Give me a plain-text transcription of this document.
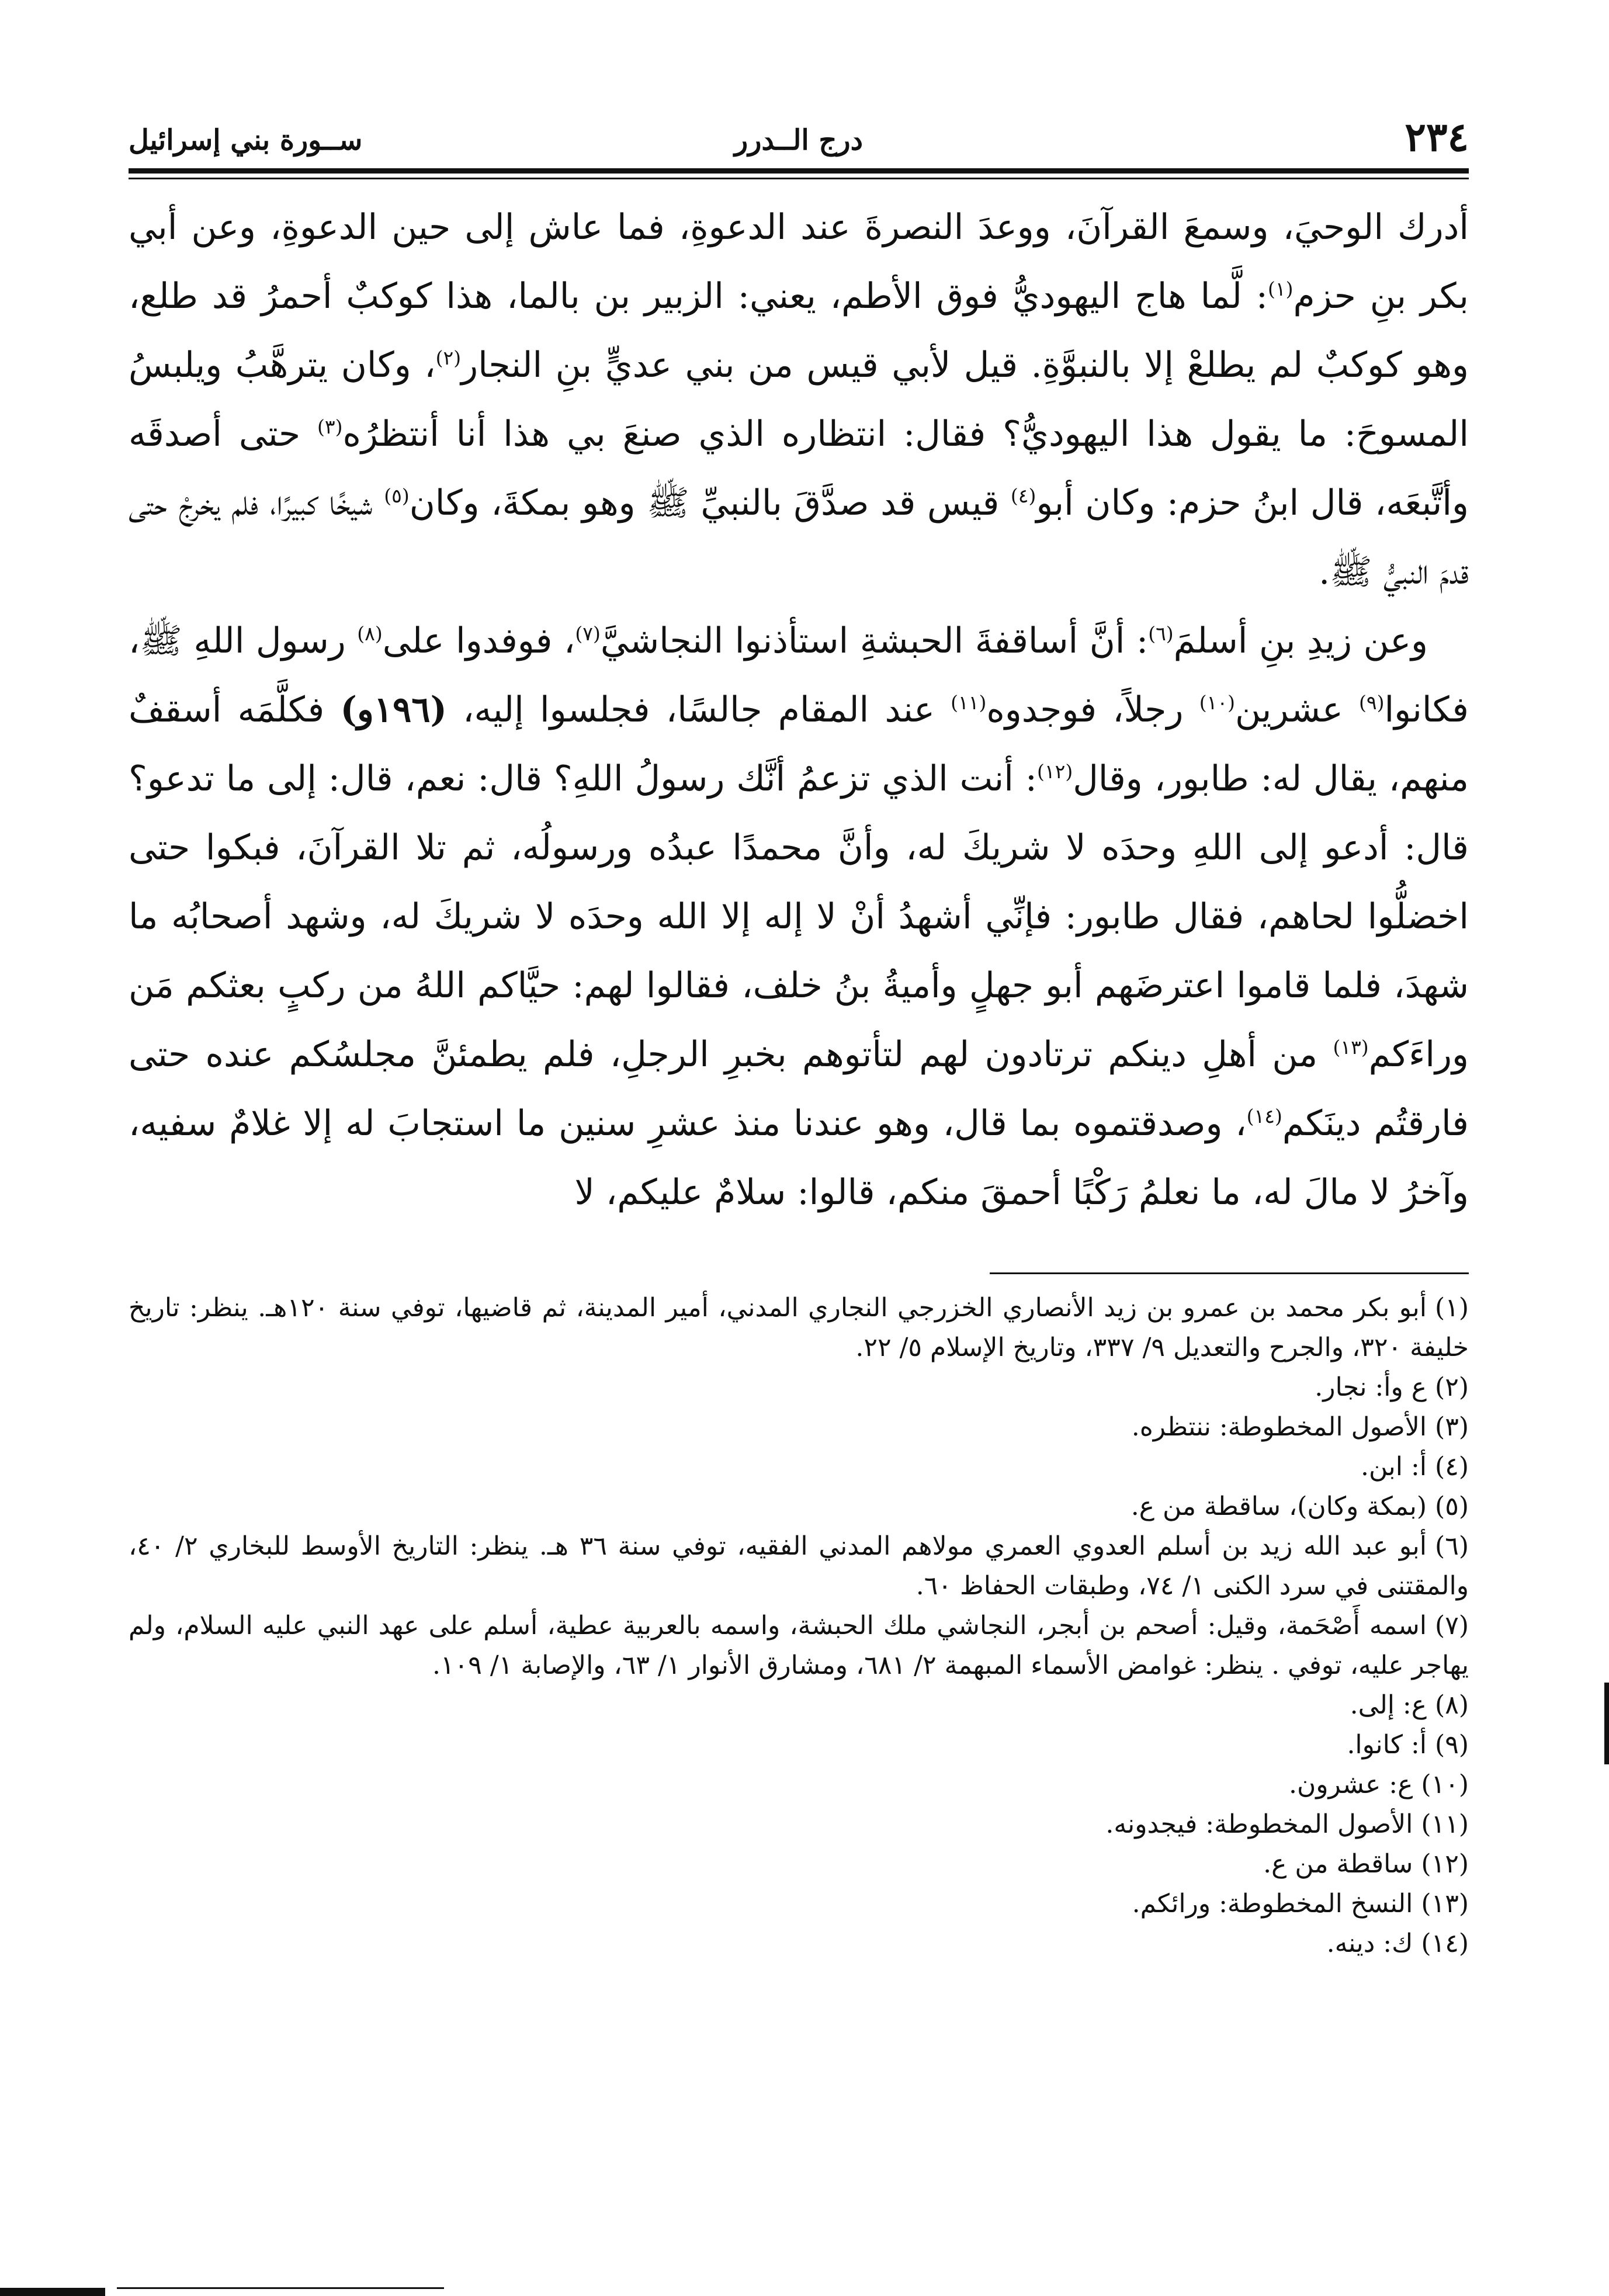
٢٣٤
درج الــدرر
ســورة بني إسرائيل

أدرك الوحيَ، وسمعَ القرآنَ، ووعدَ النصرةَ عند الدعوةِ، فما عاش إلى حين الدعوةِ، وعن أبي بكر بنِ حزم$^{(١)}$: لَّما هاج اليهوديُّ فوق الأطم، يعني: الزبير بن بالما، هذا كوكبٌ أحمرُ قد طلع، وهو كوكبٌ لم يطلعْ إلا بالنبوَّةِ. قيل لأبي قيس من بني عديٍّ بنِ النجار$^{(٢)}$، وكان يترهَّبُ ويلبسُ المسوحَ: ما يقول هذا اليهوديُّ؟ فقال: انتظاره الذي صنعَ بي هذا أنا أنتظرُه$^{(٣)}$ حتى أصدقَه وأتَّبعَه، قال ابنُ حزم: وكان أبو$^{(٤)}$ قيس قد صدَّقَ بالنبيِّ ﷺ وهو بمكةَ، وكان$^{(٥)}$ شيخًا كبيرًا، فلم يخرجْ حتى قدمَ النبيُّ ﷺ.

وعن زيدِ بنِ أسلمَ$^{(٦)}$: أنَّ أساقفةَ الحبشةِ استأذنوا النجاشيَّ$^{(٧)}$، فوفدوا على$^{(٨)}$ رسول اللهِ ﷺ، فكانوا$^{(٩)}$ عشرين$^{(١٠)}$ رجلاً، فوجدوه$^{(١١)}$ عند المقام جالسًا، فجلسوا إليه، (١٩٦و) فكلَّمَه أسقفٌ منهم، يقال له: طابور، وقال$^{(١٢)}$: أنت الذي تزعمُ أنَّك رسولُ اللهِ؟ قال: نعم، قال: إلى ما تدعو؟ قال: أدعو إلى اللهِ وحدَه لا شريكَ له، وأنَّ محمدًا عبدُه ورسولُه، ثم تلا القرآنَ، فبكوا حتى اخضلُّوا لحاهم، فقال طابور: فإنِّي أشهدُ أنْ لا إله إلا الله وحدَه لا شريكَ له، وشهد أصحابُه ما شهدَ، فلما قاموا اعترضَهم أبو جهلٍ وأميةُ بنُ خلف، فقالوا لهم: حيَّاكم اللهُ من ركبٍ بعثكم مَن وراءَكم$^{(١٣)}$ من أهلِ دينكم ترتادون لهم لتأتوهم بخبرِ الرجلِ، فلم يطمئنَّ مجلسُكم عنده حتى فارقتُم دينَكم$^{(١٤)}$، وصدقتموه بما قال، وهو عندنا منذ عشرِ سنين ما استجابَ له إلا غلامٌ سفيه، وآخرُ لا مالَ له، ما نعلمُ رَكْبًا أحمقَ منكم، قالوا: سلامٌ عليكم، لا

(١)أبو بكر محمد بن عمرو بن زيد الأنصاري الخزرجي النجاري المدني، أمير المدينة، ثم قاضيها، توفي سنة ١٢٠هـ. ينظر: تاريخ خليفة ٣٢٠، والجرح والتعديل ٩/ ٣٣٧، وتاريخ الإسلام ٥/ ٢٢.

(٢)ع وأ: نجار.

(٣)الأصول المخطوطة: ننتظره.

(٤)أ: ابن.

(٥)(بمكة وكان)، ساقطة من ع.

(٦)أبو عبد الله زيد بن أسلم العدوي العمري مولاهم المدني الفقيه، توفي سنة ٣٦ هـ. ينظر: التاريخ الأوسط للبخاري ٢/ ٤٠، والمقتنى في سرد الكنى ١/ ٧٤، وطبقات الحفاظ ٦٠.

(٧)اسمه أَصْحَمة، وقيل: أصحم بن أبجر، النجاشي ملك الحبشة، واسمه بالعربية عطية، أسلم على عهد النبي عليه السلام، ولم يهاجر عليه، توفي . ينظر: غوامض الأسماء المبهمة ٢/ ٦٨١، ومشارق الأنوار ١/ ٦٣، والإصابة ١/ ١٠٩.

(٨)ع: إلى.

(٩)أ: كانوا.

(١٠)ع: عشرون.

(١١)الأصول المخطوطة: فيجدونه.

(١٢)ساقطة من ع.

(١٣)النسخ المخطوطة: ورائكم.

(١٤)ك: دينه.
